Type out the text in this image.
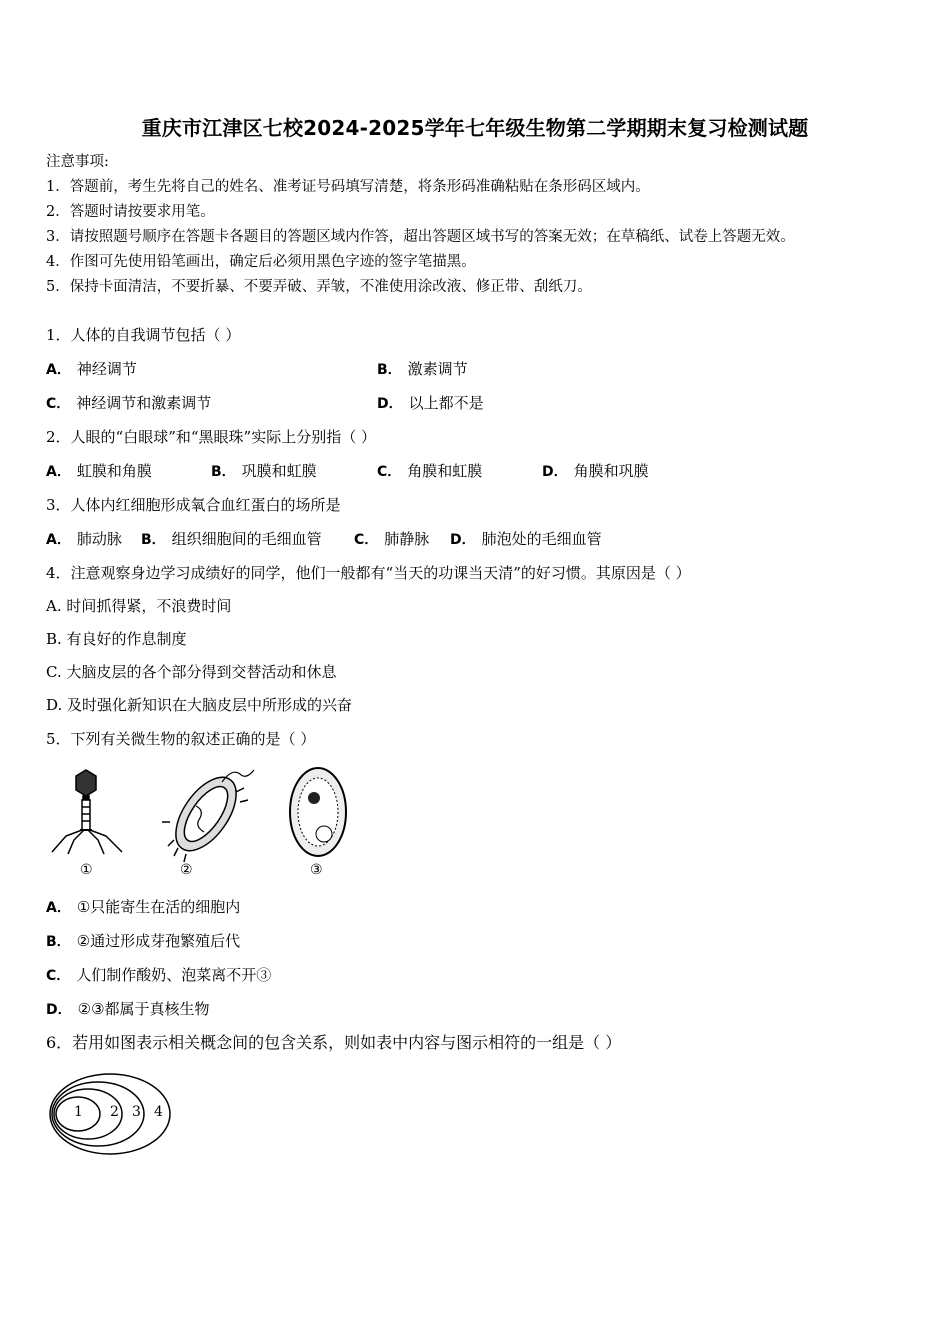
重庆市江津区七校2024-2025学年七年级生物第二学期期末复习检测试题
注意事项:
1．答题前，考生先将自己的姓名、准考证号码填写清楚，将条形码准确粘贴在条形码区域内。
2．答题时请按要求用笔。
3．请按照题号顺序在答题卡各题目的答题区域内作答，超出答题区域书写的答案无效；在草稿纸、试卷上答题无效。
4．作图可先使用铅笔画出，确定后必须用黑色字迹的签字笔描黑。
5．保持卡面清洁，不要折暴、不要弄破、弄皱，不准使用涂改液、修正带、刮纸刀。
1．人体的自我调节包括（ ）
A． 神经调节	B． 激素调节
C． 神经调节和激素调节	D． 以上都不是
2．人眼的“白眼球”和“黑眼珠”实际上分别指（ ）
A． 虹膜和角膜	B． 巩膜和虹膜	C． 角膜和虹膜	D． 角膜和巩膜
3．人体内红细胞形成氧合血红蛋白的场所是
A． 肺动脉 B． 组织细胞间的毛细血管 C． 肺静脉 D． 肺泡处的毛细血管
4．注意观察身边学习成绩好的同学，他们一般都有“当天的功课当天清”的好习惯。其原因是（ ）
A. 时间抓得紧，不浪费时间
B. 有良好的作息制度
C. 大脑皮层的各个部分得到交替活动和休息
D. 及时强化新知识在大脑皮层中所形成的兴奋
5．下列有关微生物的叙述正确的是（ ）
①	②	③
A． ①只能寄生在活的细胞内
B． ②通过形成芽孢繁殖后代
C． 人们制作酸奶、泡菜离不开③
D． ②③都属于真核生物
6．若用如图表示相关概念间的包含关系，则如表中内容与图示相符的一组是（ ）
1 2 3 4
